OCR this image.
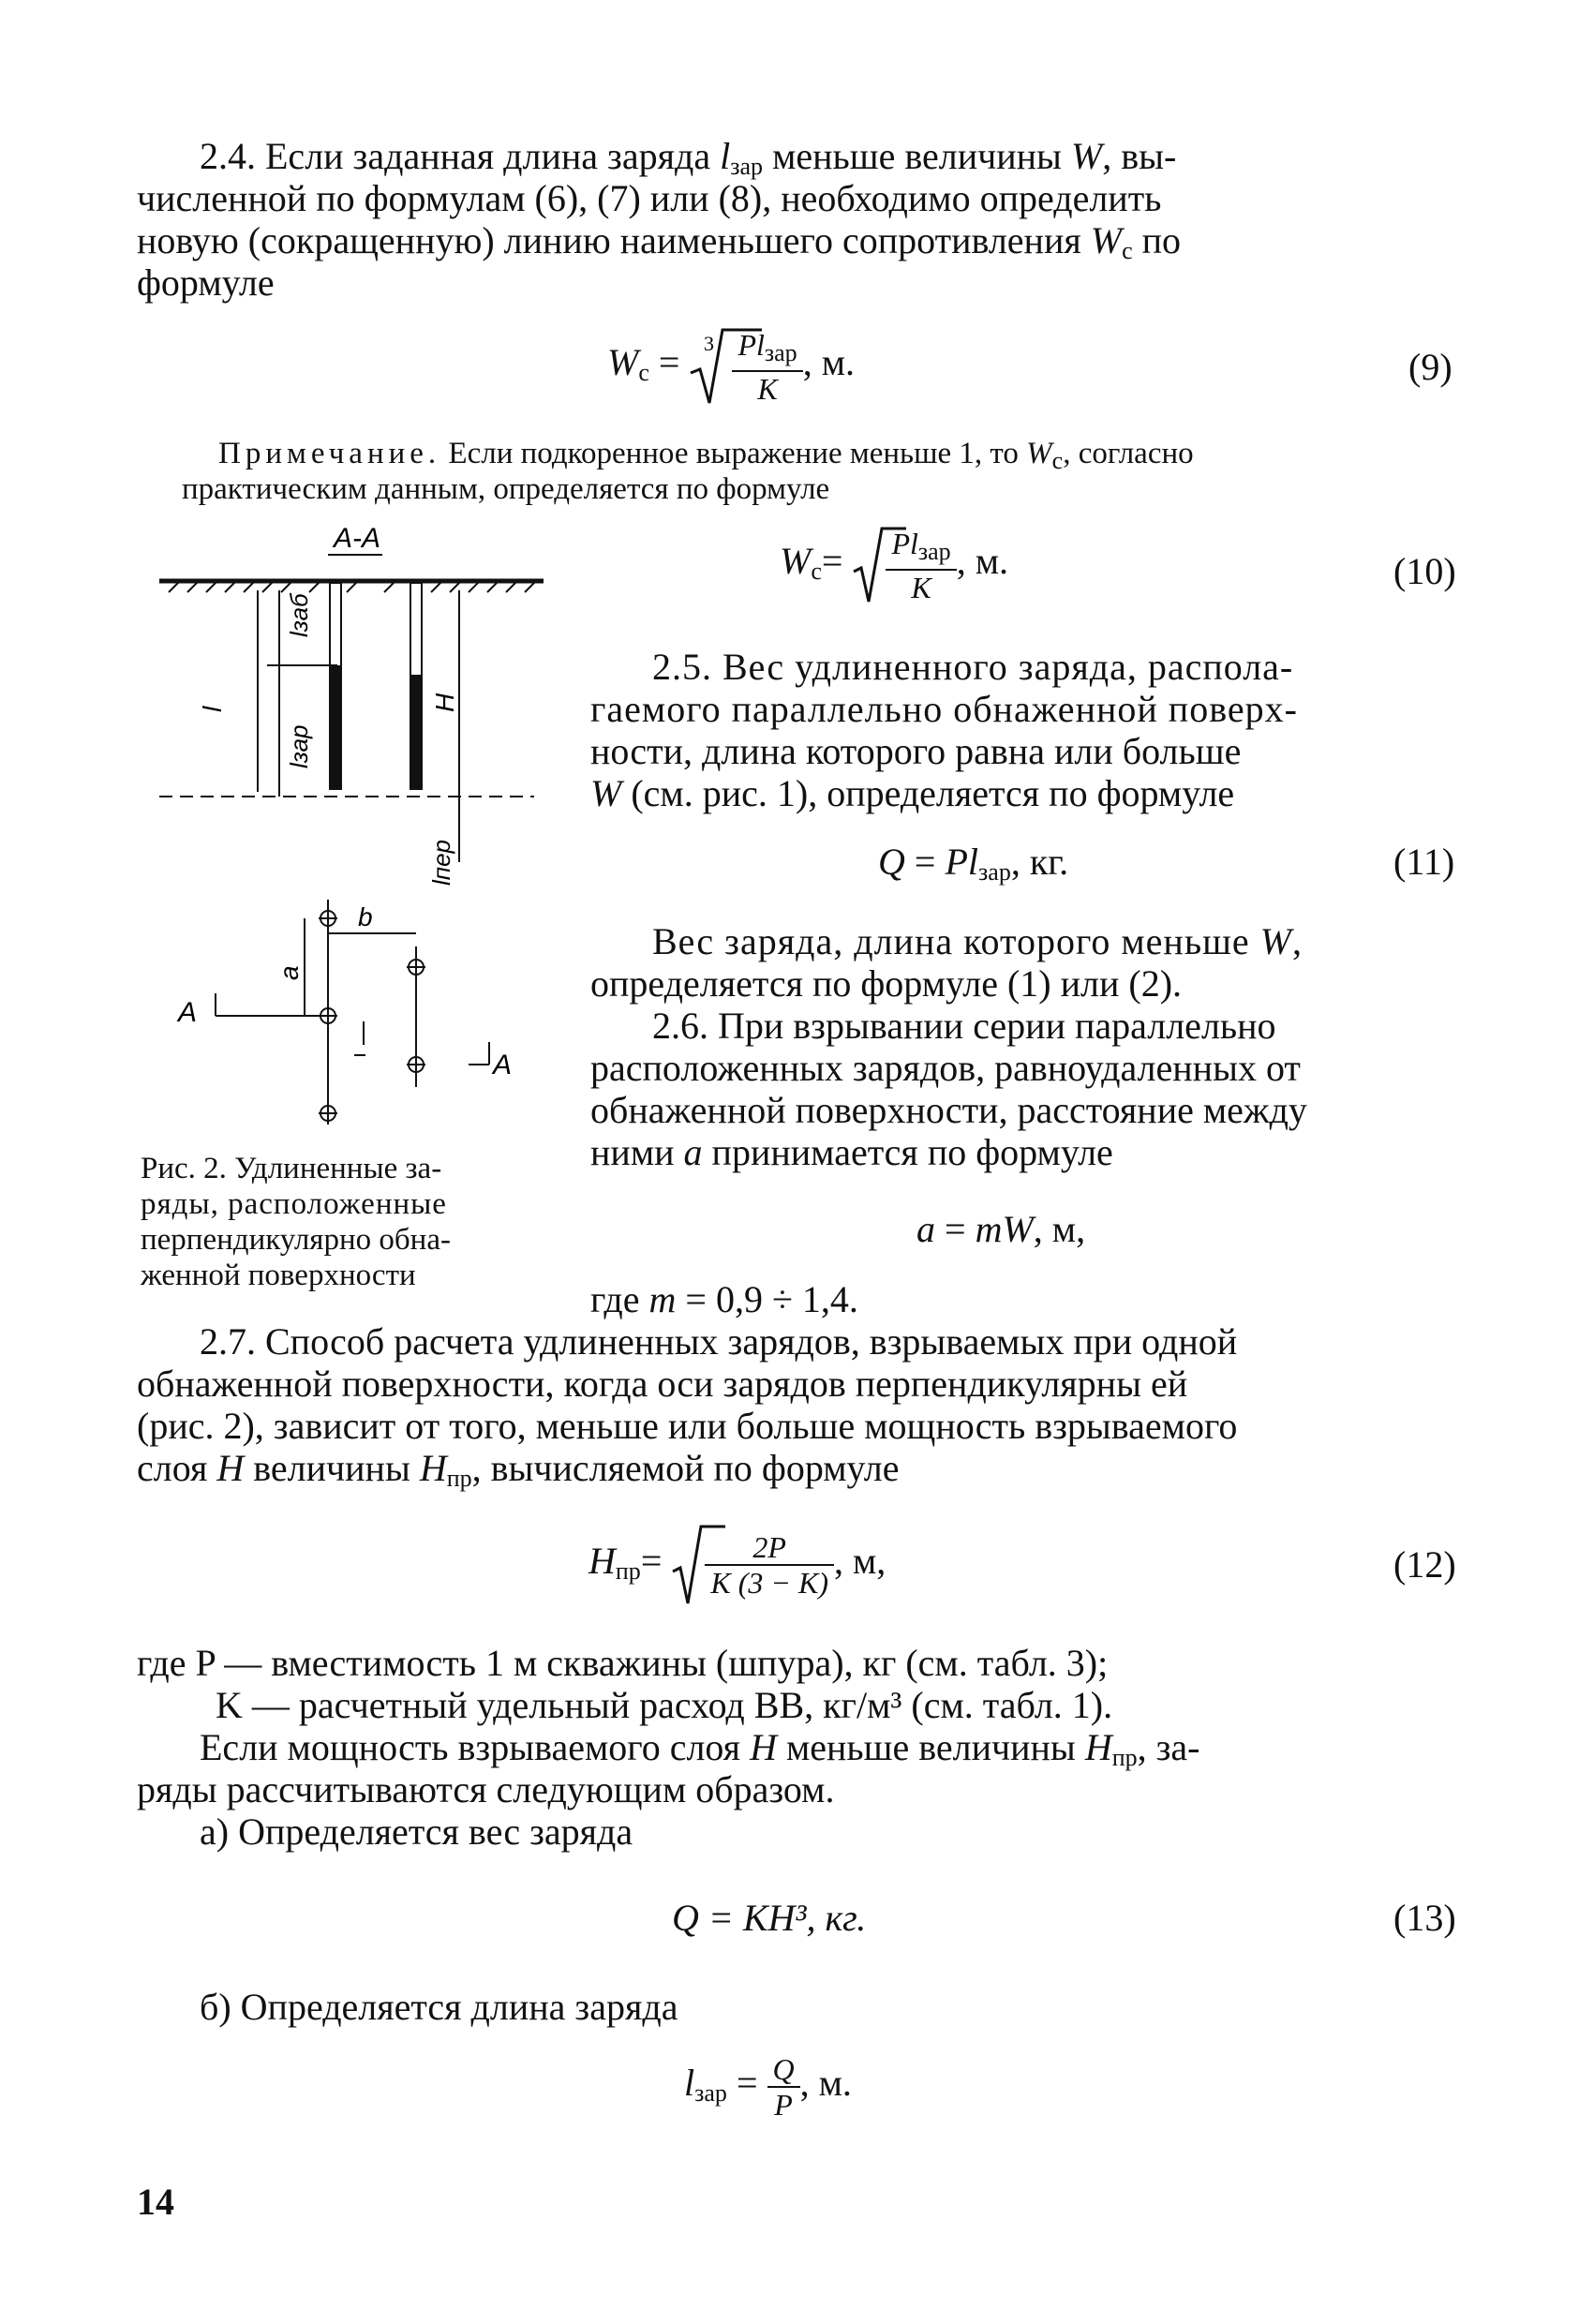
2.4. Если заданная длина заряда $l_{зар}$ меньше величины W, вы-
численной по формулам (6), (7) или (8), необходимо определить
новую (сокращенную) линию наименьшего сопротивления $W_с$ по
формуле
$W_с = 3 \frac{Pl_{зар}}{K}$ , м.	(9)
Примечание. Если подкоренное выражение меньше 1, то $W_с$, согласно
практическим данным, определяется по формуле
$W_с= \frac{Pl_{зар}}{K}$ , м.	(10)
А-А
lзаб
lзар
l	H
lпер
b
a
А
А
Рис. 2. Удлиненные за-
ряды, расположенные
перпендикулярно обна-
женной поверхности
2.5. Вес удлиненного заряда, распола-
гаемого параллельно обнаженной поверх-
ности, длина которого равна или больше
W (см. рис. 1), определяется по формуле
$Q = Pl_{зар}$, кг.	(11)
Вес заряда, длина которого меньше W,
определяется по формуле (1) или (2).
2.6. При взрывании серии параллельно
расположенных зарядов, равноудаленных от
обнаженной поверхности, расстояние между
ними a принимается по формуле
a = mW, м,
где m = 0,9 ÷ 1,4.
2.7. Способ расчета удлиненных зарядов, взрываемых при одной
обнаженной поверхности, когда оси зарядов перпендикулярны ей
(рис. 2), зависит от того, меньше или больше мощность взрываемого
слоя H величины $H_{пр}$, вычисляемой по формуле
$H_{пр}= \frac{2P}{K (3 - K)}$ , м,	(12)
где P — вместимость 1 м скважины (шпура), кг (см. табл. 3);
K — расчетный удельный расход ВВ, кг/м³ (см. табл. 1).
Если мощность взрываемого слоя H меньше величины $H_{пр}$, за-
ряды рассчитываются следующим образом.
а) Определяется вес заряда
Q = KH³, кг.	(13)
б) Определяется длина заряда
$l_{зар} = \frac{Q}{P}$ , м.
14
